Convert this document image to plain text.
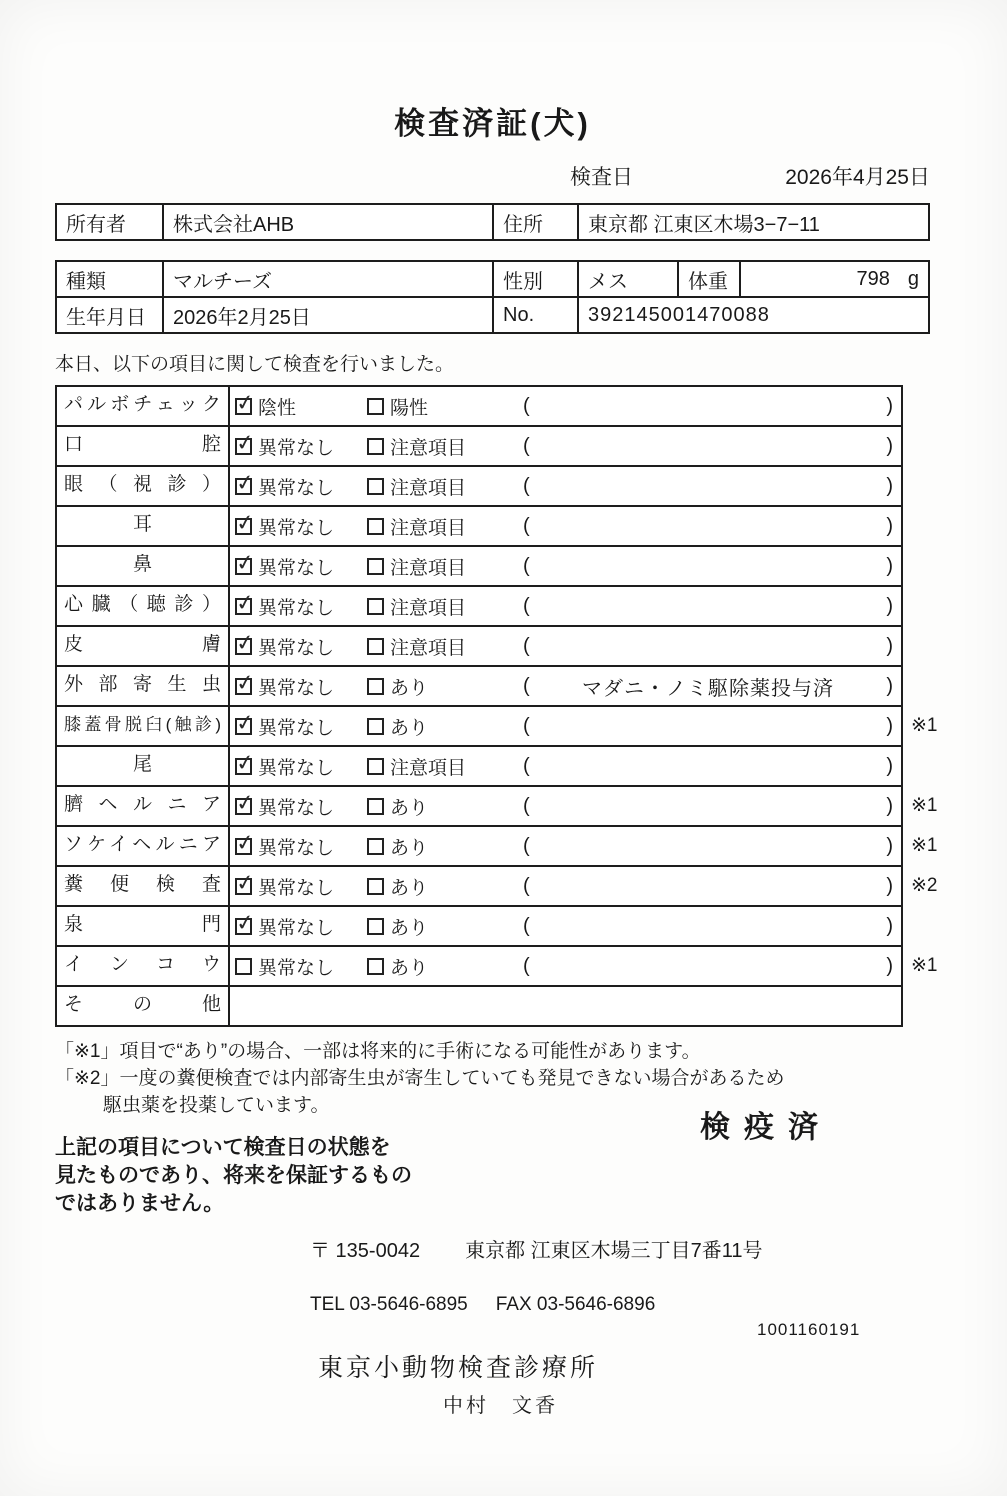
検査済証(犬)
検査日	2026年4月25日
所有者	株式会社AHB	住所	東京都 江東区木場3−7−11
種類	マルチーズ	性別	メス	体重	798 g
生年月日	2026年2月25日	No.	392145001470088
本日、以下の項目に関して検査を行いました。
パルボチェック ✓	陰性	陽性	(	)
口腔 ✓	異常なし	注意項目	(	)
眼（視診） ✓	異常なし	注意項目	(	)
耳 ✓	異常なし	注意項目	(	)
鼻 ✓	異常なし	注意項目	(	)
心臓（聴診） ✓	異常なし	注意項目	(	)
皮膚 ✓	異常なし	注意項目	(	)
外部寄生虫 ✓	異常なし	あり	(	マダニ・ノミ駆除薬投与済	)
膝蓋骨脱臼(触診) ✓	異常なし	あり	(	) ※1
尾 ✓	異常なし	注意項目	(	)
臍ヘルニア ✓	異常なし	あり	(	) ※1
ソケイヘルニア ✓	異常なし	あり	(	) ※1
糞便検査 ✓	異常なし	あり	(	) ※2
泉門 ✓	異常なし	あり	(	)
インコウ	異常なし	あり	(	) ※1
その他
「※1」項目で“あり”の場合、一部は将来的に手術になる可能性があります。
「※2」一度の糞便検査では内部寄生虫が寄生していても発見できない場合があるため
駆虫薬を投薬しています。
上記の項目について検査日の状態を
見たものであり、将来を保証するもの
ではありません。
〒 135-0042 東京都 江東区木場三丁目7番11号
TEL 03-5646-6895 FAX 03-5646-6896
東京小動物検査診療所
中村　文香
検疫済
1001160191
